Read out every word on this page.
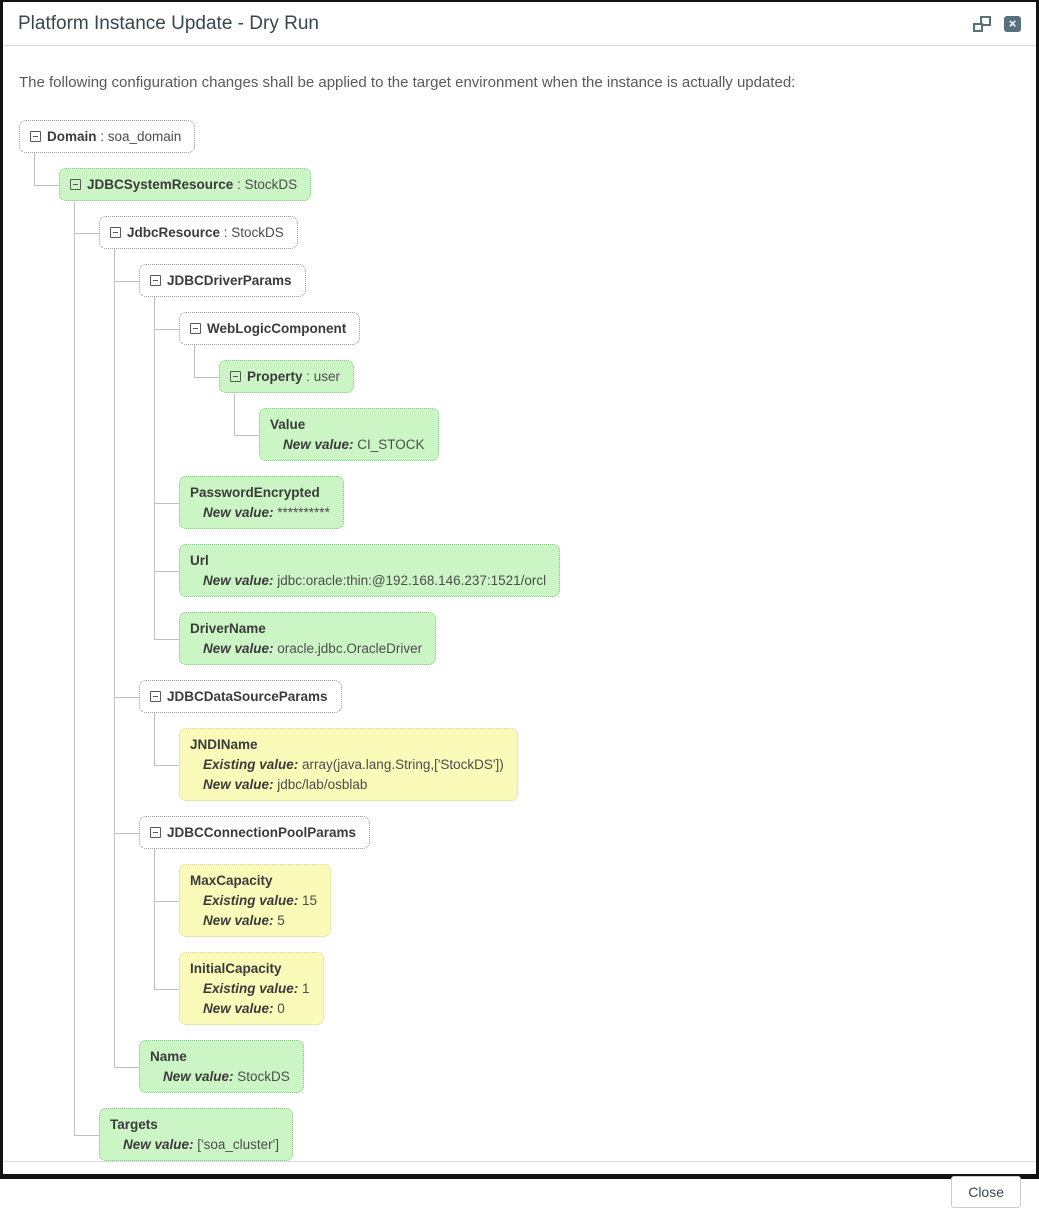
Platform Instance Update - Dry Run
×

The following configuration changes shall be applied to the target environment when the instance is actually updated:

Domain : soa_domain
JDBCSystemResource : StockDS
JdbcResource : StockDS
JDBCDriverParams
WebLogicComponent
Property : user
Value
New value: CI_STOCK
PasswordEncrypted
New value: **********
Url
New value: jdbc:oracle:thin:@192.168.146.237:1521/orcl
DriverName
New value: oracle.jdbc.OracleDriver
JDBCDataSourceParams
JNDIName
Existing value: array(java.lang.String,['StockDS'])
New value: jdbc/lab/osblab
JDBCConnectionPoolParams
MaxCapacity
Existing value: 15
New value: 5
InitialCapacity
Existing value: 1
New value: 0
Name
New value: StockDS
Targets
New value: ['soa_cluster']
Close
